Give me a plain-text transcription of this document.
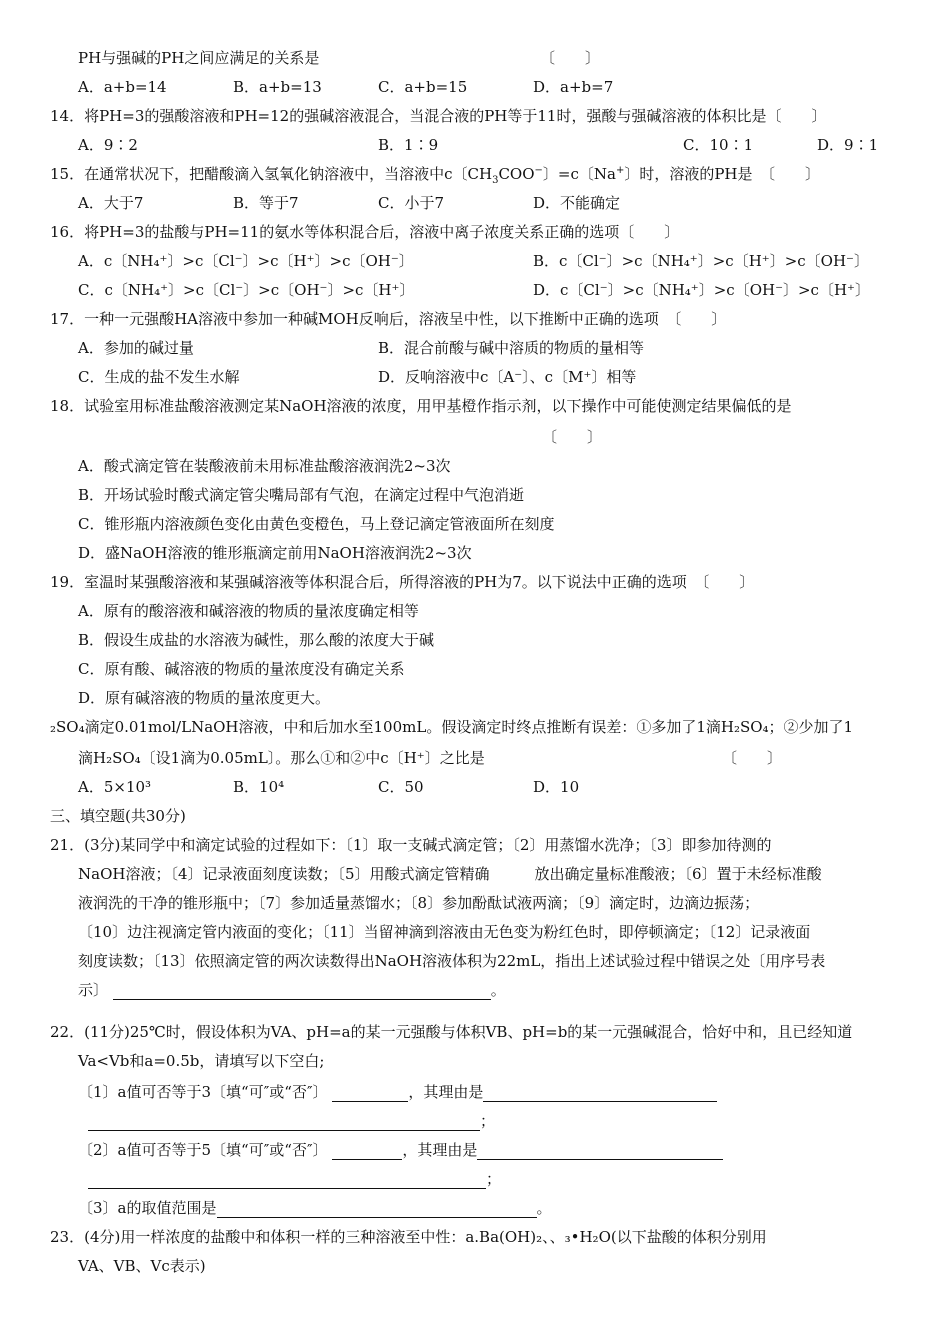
PH与强碱的PH之间应满足的关系是	〔　　〕
A．a+b=14	B．a+b=13	C．a+b=15	D．a+b=7
14．将PH=3的强酸溶液和PH=12的强碱溶液混合，当混合液的PH等于11时，强酸与强碱溶液的体积比是〔　　〕
A．9∶2	B．1∶9	C．10∶1	D．9∶1
15．在通常状况下，把醋酸滴入氢氧化钠溶液中，当溶液中c〔$CH_3COO^-$〕=c〔Na+〕时，溶液的PH是　〔　　〕
A．大于7	B．等于7	C．小于7	D．不能确定
16．将PH=3的盐酸与PH=11的氨水等体积混合后，溶液中离子浓度关系正确的选项〔　　〕
A．c〔NH₄⁺〕>c〔Cl⁻〕>c〔H⁺〕>c〔OH⁻〕	B．c〔Cl⁻〕>c〔NH₄⁺〕>c〔H⁺〕>c〔OH⁻〕
C．c〔NH₄⁺〕>c〔Cl⁻〕>c〔OH⁻〕>c〔H⁺〕	D．c〔Cl⁻〕>c〔NH₄⁺〕>c〔OH⁻〕>c〔H⁺〕
17．一种一元强酸HA溶液中参加一种碱MOH反响后，溶液呈中性，以下推断中正确的选项　〔　　〕
A．参加的碱过量	B．混合前酸与碱中溶质的物质的量相等
C．生成的盐不发生水解	D．反响溶液中c〔A⁻〕、c〔M⁺〕相等
18．试验室用标准盐酸溶液测定某NaOH溶液的浓度，用甲基橙作指示剂，以下操作中可能使测定结果偏低的是
〔　　〕
A．酸式滴定管在装酸液前未用标准盐酸溶液润洗2~3次
B．开场试验时酸式滴定管尖嘴局部有气泡，在滴定过程中气泡消逝
C．锥形瓶内溶液颜色变化由黄色变橙色，马上登记滴定管液面所在刻度
D．盛NaOH溶液的锥形瓶滴定前用NaOH溶液润洗2~3次
19．室温时某强酸溶液和某强碱溶液等体积混合后，所得溶液的PH为7。以下说法中正确的选项　〔　　〕
A．原有的酸溶液和碱溶液的物质的量浓度确定相等
B．假设生成盐的水溶液为碱性，那么酸的浓度大于碱
C．原有酸、碱溶液的物质的量浓度没有确定关系
D．原有碱溶液的物质的量浓度更大。
₂SO₄滴定0.01mol/LNaOH溶液，中和后加水至100mL。假设滴定时终点推断有误差：①多加了1滴H₂SO₄；②少加了1
滴H₂SO₄〔设1滴为0.05mL〕。那么①和②中c〔H⁺〕之比是	〔　　〕
A．5×10³	B．10⁴	C．50	D．10
三、填空题(共30分)
21．(3分)某同学中和滴定试验的过程如下：〔1〕取一支碱式滴定管；〔2〕用蒸馏水洗净；〔3〕即参加待测的
NaOH溶液；〔4〕记录液面刻度读数；〔5〕用酸式滴定管精确　　　放出确定量标准酸液；〔6〕置于未经标准酸
液润洗的干净的锥形瓶中；〔7〕参加适量蒸馏水；〔8〕参加酚酞试液两滴；〔9〕滴定时，边滴边振荡；
〔10〕边注视滴定管内液面的变化；〔11〕当留神滴到溶液由无色变为粉红色时，即停顿滴定；〔12〕记录液面
刻度读数；〔13〕依照滴定管的两次读数得出NaOH溶液体积为22mL，指出上述试验过程中错误之处〔用序号表
示〕	。
22．(11分)25℃时，假设体积为VA、pH=a的某一元强酸与体积VB、pH=b的某一元强碱混合，恰好中和，且已经知道
Va<Vb和a=0.5b，请填写以下空白;
〔1〕a值可否等于3〔填“可″或“否″〕	，其理由是
；
〔2〕a值可否等于5〔填“可″或“否″〕	，其理由是
；
〔3〕a的取值范围是	。
23．(4分)用一样浓度的盐酸中和体积一样的三种溶液至中性：a.Ba(OH)₂、、₃•H₂O(以下盐酸的体积分别用
VA、VB、Vc表示)
